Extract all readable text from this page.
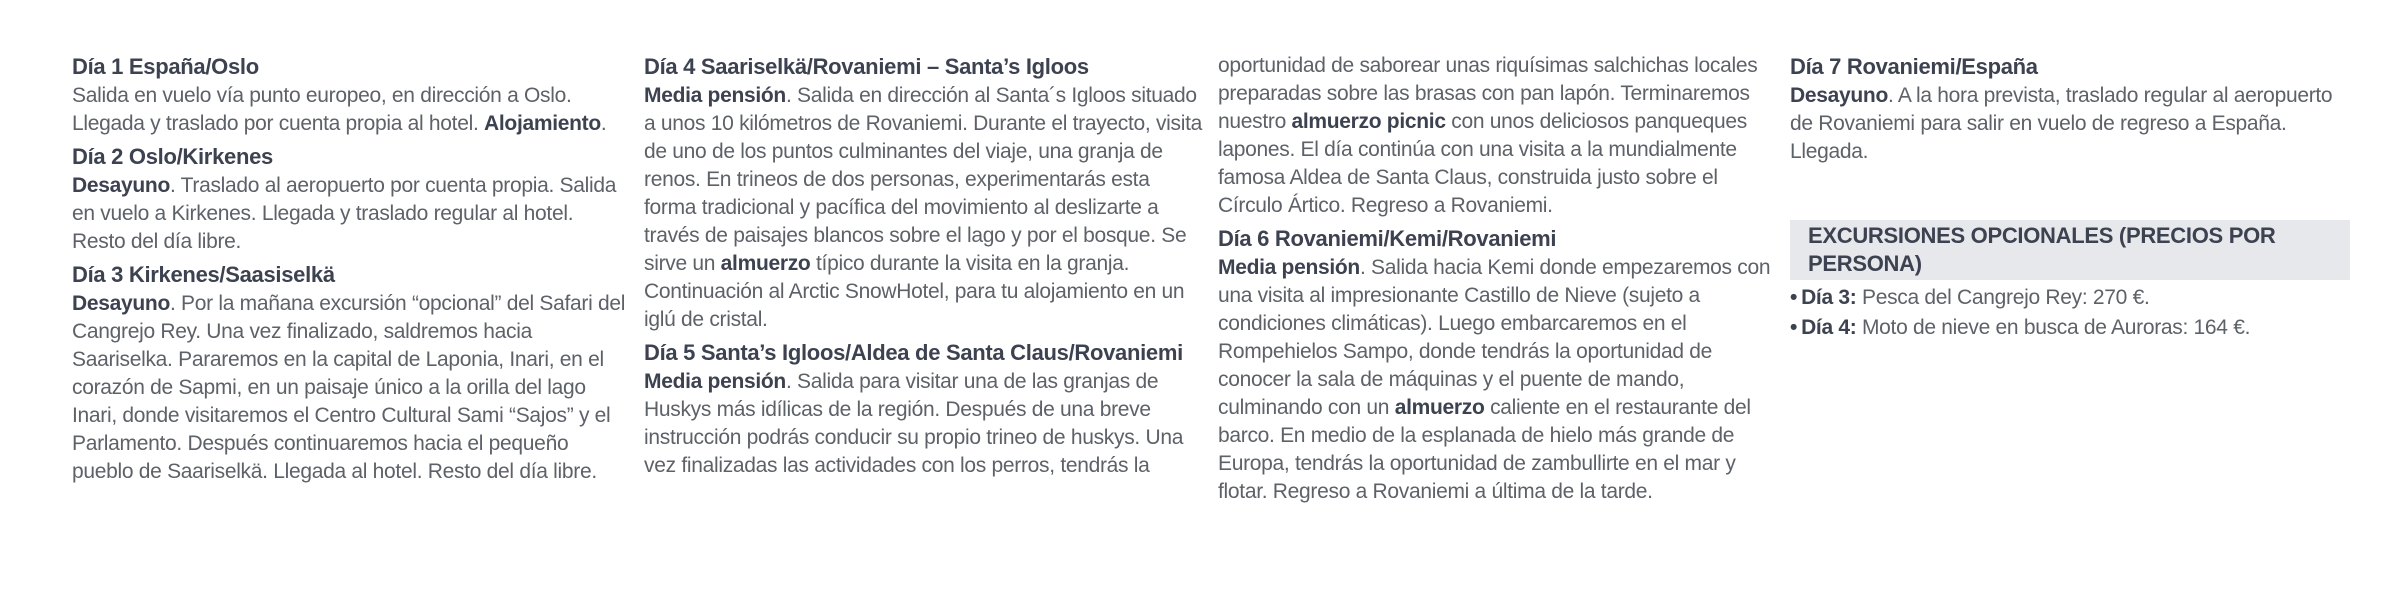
Día 1 España/Oslo

Salida en vuelo vía punto europeo, en dirección a Oslo. Llegada y traslado por cuenta propia al hotel. Alojamiento.

Día 2 Oslo/Kirkenes

Desayuno. Traslado al aeropuerto por cuenta propia. Salida en vuelo a Kirkenes. Llegada y traslado regular al hotel. Resto del día libre.

Día 3 Kirkenes/Saasiselkä

Desayuno. Por la mañana excursión “opcional” del Safari del Cangrejo Rey. Una vez finalizado, saldremos hacia Saariselka. Pararemos en la capital de Laponia, Inari, en el corazón de Sapmi, en un paisaje único a la orilla del lago Inari, donde visitaremos el Centro Cultural Sami “Sajos” y el Parlamento. Después continuaremos hacia el pequeño pueblo de Saariselkä. Llegada al hotel. Resto del día libre.

Día 4 Saariselkä/Rovaniemi – Santa’s Igloos

Media pensión. Salida en dirección al Santa´s Igloos situado a unos 10 kilómetros de Rovaniemi. Durante el trayecto, visita de uno de los puntos culminantes del viaje, una granja de renos. En trineos de dos personas, experimentarás esta forma tradicional y pacífica del movimiento al deslizarte a través de paisajes blancos sobre el lago y por el bosque. Se sirve un almuerzo típico durante la visita en la granja. Continuación al Arctic SnowHotel, para tu alojamiento en un iglú de cristal.

Día 5 Santa’s Igloos/Aldea de Santa Claus/Rovaniemi

Media pensión. Salida para visitar una de las granjas de Huskys más idílicas de la región. Después de una breve instrucción podrás conducir su propio trineo de huskys. Una vez finalizadas las actividades con los perros, tendrás la

oportunidad de saborear unas riquísimas salchichas locales preparadas sobre las brasas con pan lapón. Terminaremos nuestro almuerzo picnic con unos deliciosos panqueques lapones. El día continúa con una visita a la mundialmente famosa Aldea de Santa Claus, construida justo sobre el Círculo Ártico. Regreso a Rovaniemi.

Día 6 Rovaniemi/Kemi/Rovaniemi

Media pensión. Salida hacia Kemi donde empezaremos con una visita al impresionante Castillo de Nieve (sujeto a condiciones climáticas). Luego embarcaremos en el Rompehielos Sampo, donde tendrás la oportunidad de conocer la sala de máquinas y el puente de mando, culminando con un almuerzo caliente en el restaurante del barco. En medio de la esplanada de hielo más grande de Europa, tendrás la oportunidad de zambullirte en el mar y flotar. Regreso a Rovaniemi a última de la tarde.

Día 7 Rovaniemi/España

Desayuno. A la hora prevista, traslado regular al aeropuerto de Rovaniemi para salir en vuelo de regreso a España. Llegada.

EXCURSIONES OPCIONALES (PRECIOS POR PERSONA)
• Día 3: Pesca del Cangrejo Rey: 270 €.
• Día 4: Moto de nieve en busca de Auroras: 164 €.
